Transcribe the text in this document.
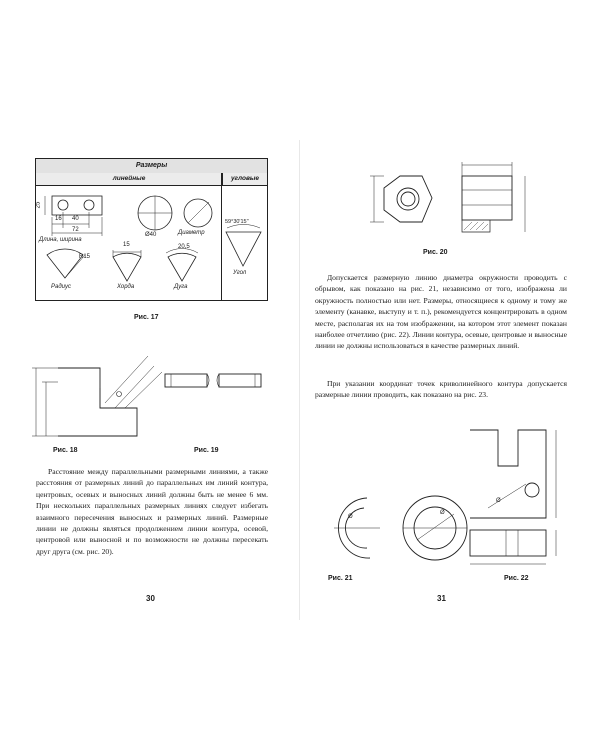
Размеры
линейные	угловые
25
16 40
72
Длина, ширина
Ø40	Диаметр
R15
Радиус
15
Хорда
20,5
Дуга
59°30'15''
Угол
Рис. 17
Рис. 18	Рис. 19

Расстояние между параллельными размерными линиями, а также расстояния от размерных линий до параллельных им линий контура, центровых, осевых и выносных линий должны быть не менее 6 мм. При нескольких параллельных размерных линиях следует избегать взаимного пересечения выносных и размерных линий. Размерные линии не должны являться продолжением линии контура, осевой, центровой или выносной и по возможности не должны пересекать друг друга (см. рис. 20).

30
Рис. 20

Допускается размерную линию диаметра окружности проводить с обрывом, как показано на рис. 21, независимо от того, изображена ли окружность полностью или нет. Размеры, относящиеся к одному и тому же элементу (канавке, выступу и т. п.), рекомендуется концентрировать в одном месте, располагая их на том изображении, на котором этот элемент показан наиболее отчетливо (рис. 22). Линии контура, осевые, центровые и выносные линии не должны использоваться в качестве размерных линий.

При указании координат точек криволинейного контура допускается размерные линии проводить, как показано на рис. 23.

Ø
Ø
Рис. 21
Ø
Рис. 22
31
